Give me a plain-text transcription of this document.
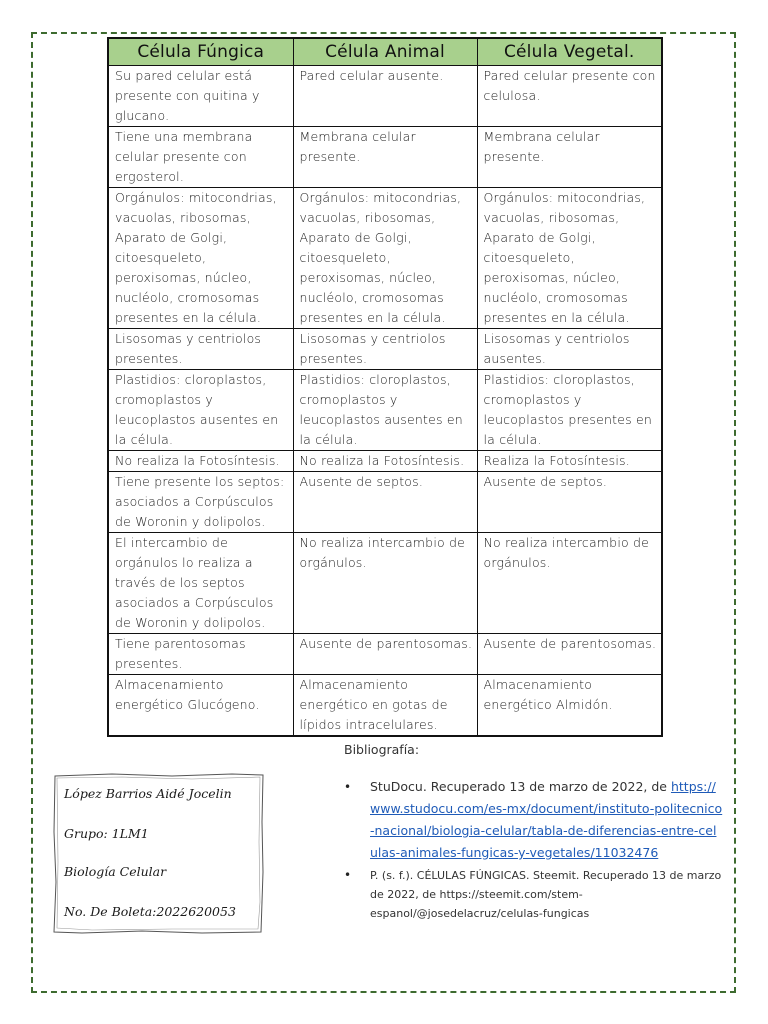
Célula Fúngica	Célula Animal	Célula Vegetal.
Su pared celular está presente con quitina y glucano.	Pared celular ausente.	Pared celular presente con celulosa.
Tiene una membrana celular presente con ergosterol.	Membrana celular presente.	Membrana celular presente.
Orgánulos: mitocondrias, vacuolas, ribosomas, Aparato de Golgi, citoesqueleto, peroxisomas, núcleo, nucléolo, cromosomas presentes en la célula.	Orgánulos: mitocondrias, vacuolas, ribosomas, Aparato de Golgi, citoesqueleto, peroxisomas, núcleo, nucléolo, cromosomas presentes en la célula.	Orgánulos: mitocondrias, vacuolas, ribosomas, Aparato de Golgi, citoesqueleto, peroxisomas, núcleo, nucléolo, cromosomas presentes en la célula.
Lisosomas y centriolos presentes.	Lisosomas y centriolos presentes.	Lisosomas y centriolos ausentes.
Plastidios: cloroplastos, cromoplastos y leucoplastos ausentes en la célula.	Plastidios: cloroplastos, cromoplastos y leucoplastos ausentes en la célula.	Plastidios: cloroplastos, cromoplastos y leucoplastos presentes en la célula.
No realiza la Fotosíntesis.	No realiza la Fotosíntesis.	Realiza la Fotosíntesis.
Tiene presente los septos: asociados a Corpúsculos de Woronin y dolipolos.	Ausente de septos.	Ausente de septos.
El intercambio de orgánulos lo realiza a través de los septos asociados a Corpúsculos de Woronin y dolipolos.	No realiza intercambio de orgánulos.	No realiza intercambio de orgánulos.
Tiene parentosomas presentes.	Ausente de parentosomas.	Ausente de parentosomas.
Almacenamiento energético Glucógeno.	Almacenamiento energético en gotas de lípidos intracelulares.	Almacenamiento energético Almidón.
López Barrios Aidé Jocelin
Grupo: 1LM1
Biología Celular
No. De Boleta:2022620053
Bibliografía:
• StuDocu. Recuperado 13 de marzo de 2022, de https://www.studocu.com/es-mx/document/instituto-politecnico-nacional/biologia-celular/tabla-de-diferencias-entre-celulas-animales-fungicas-y-vegetales/11032476
• P. (s. f.). CÉLULAS FÚNGICAS. Steemit. Recuperado 13 de marzo de 2022, de https://steemit.com/stem-espanol/@josedelacruz/celulas-fungicas
